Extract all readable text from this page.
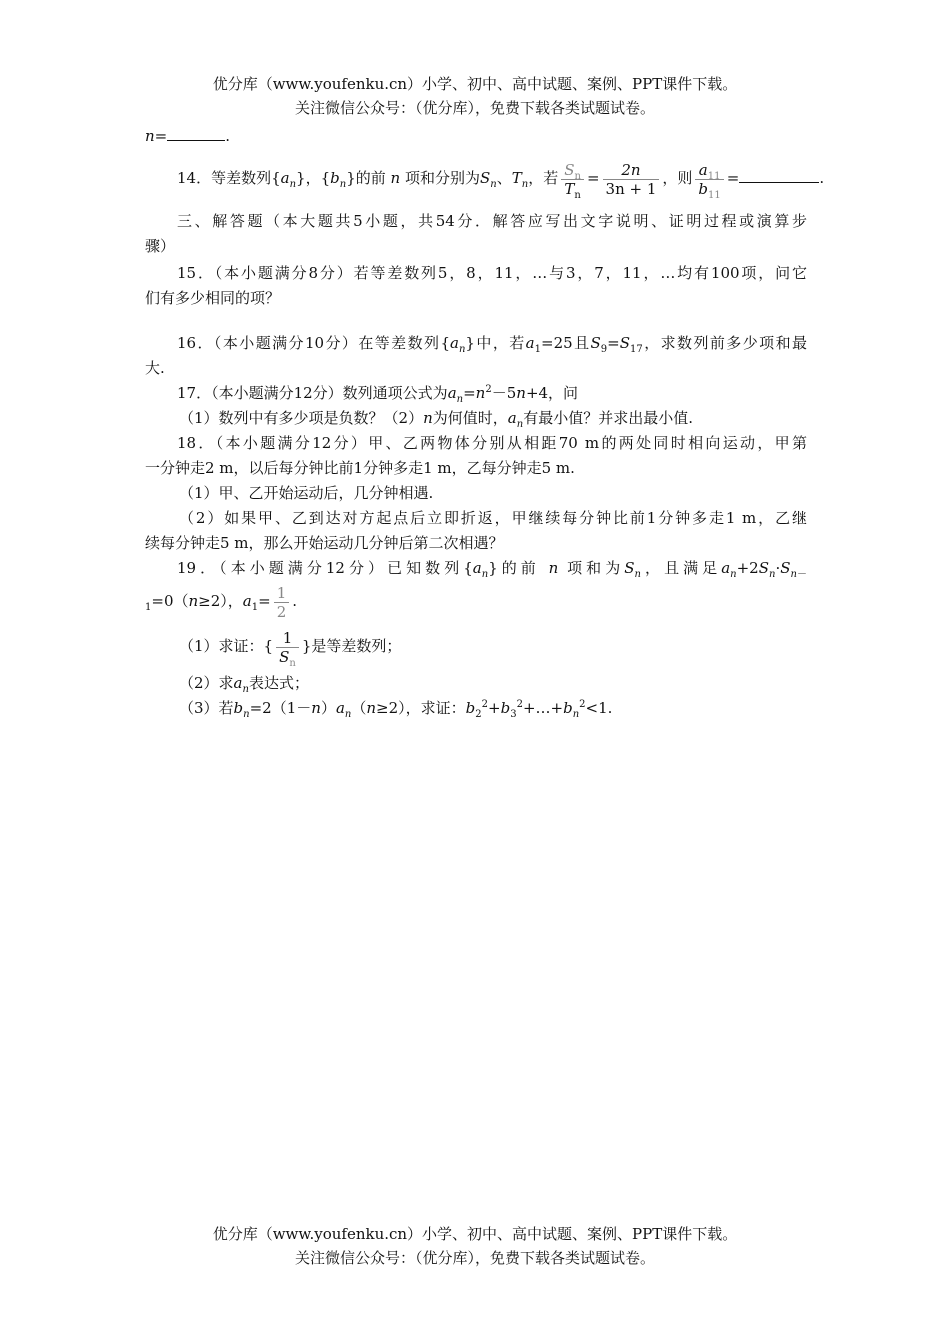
优分库（www.youfenku.cn）小学、初中、高中试题、案例、PPT课件下载。
关注微信公众号：（优分库），免费下载各类试题试卷。
n=	.
14．等差数列$\{a_n\}$，$\{b_n\}$的前 n 项和分别为$S_n$、$T_n$，若 $\frac{S_n}{T_n} = \frac{2n}{3n + 1}$ ，则 $\frac{a_{11}}{b_{11}}$ =	.
三、解答题（本大题共5小题，共54分．解答应写出文字说明、证明过程或演算步
骤）
15．（本小题满分8分）若等差数列5，8，11，…与3，7，11，…均有100项，问它
们有多少相同的项？
16．（本小题满分10分）在等差数列$\{a_n\}$中，若$a_1=25$且$S_9=S_{17}$，求数列前多少项和最
大.
17．（本小题满分12分）数列通项公式为$a_n=n^2-5n+4$，问
（1）数列中有多少项是负数？（2）n为何值时，$a_n$有最小值？并求出最小值.
18．（本小题满分12分）甲、乙两物体分别从相距70 m的两处同时相向运动，甲第
一分钟走2 m，以后每分钟比前1分钟多走1 m，乙每分钟走5 m.
（1）甲、乙开始运动后，几分钟相遇.
（2）如果甲、乙到达对方起点后立即折返，甲继续每分钟比前1分钟多走1 m，乙继
续每分钟走5 m，那么开始运动几分钟后第二次相遇？
19．（本小题满分12分）已知数列$\{a_n\}$的前 n 项和为$S_n$，且满足$a_n+2S_n\cdot S_{n-}$
$_1$=0（n≥2），$a_1= \frac{1}{2}$ .
（1）求证：{ $\frac{1}{S_n}$ }是等差数列；
（2）求$a_n$表达式；
（3）若$b_n=2(1-n)a_n(n\ge 2)$，求证：$b_2^2+b_3^2+\dots+b_n^2<1$.
优分库（www.youfenku.cn）小学、初中、高中试题、案例、PPT课件下载。
关注微信公众号：（优分库），免费下载各类试题试卷。
